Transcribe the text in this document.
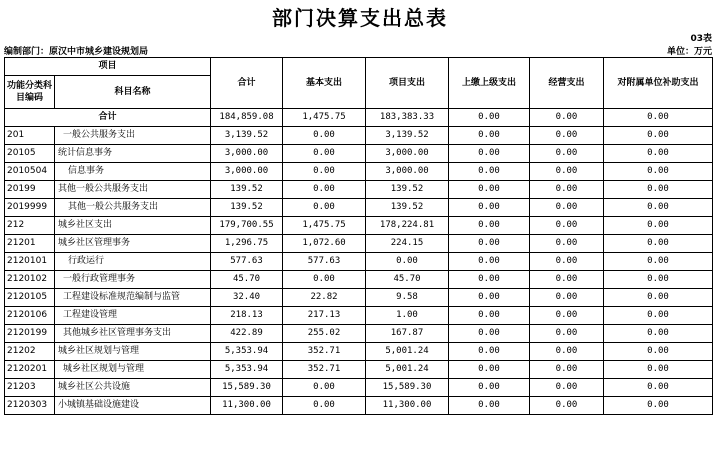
部门决算支出总表
03表
编制部门：原汉中市城乡建设规划局	单位：万元
项目		合计	基本支出	项目支出	上缴上级支出	经营支出	对附属单位补助支出
功能分类科目编码	科目名称						
合计		184,859.08	1,475.75	183,383.33	0.00	0.00	0.00
201	一般公共服务支出	3,139.52	0.00	3,139.52	0.00	0.00	0.00
20105	统计信息事务	3,000.00	0.00	3,000.00	0.00	0.00	0.00
2010504	信息事务	3,000.00	0.00	3,000.00	0.00	0.00	0.00
20199	其他一般公共服务支出	139.52	0.00	139.52	0.00	0.00	0.00
2019999	其他一般公共服务支出	139.52	0.00	139.52	0.00	0.00	0.00
212	城乡社区支出	179,700.55	1,475.75	178,224.81	0.00	0.00	0.00
21201	城乡社区管理事务	1,296.75	1,072.60	224.15	0.00	0.00	0.00
2120101	行政运行	577.63	577.63	0.00	0.00	0.00	0.00
2120102	一般行政管理事务	45.70	0.00	45.70	0.00	0.00	0.00
2120105	工程建设标准规范编制与监管	32.40	22.82	9.58	0.00	0.00	0.00
2120106	工程建设管理	218.13	217.13	1.00	0.00	0.00	0.00
2120199	其他城乡社区管理事务支出	422.89	255.02	167.87	0.00	0.00	0.00
21202	城乡社区规划与管理	5,353.94	352.71	5,001.24	0.00	0.00	0.00
2120201	城乡社区规划与管理	5,353.94	352.71	5,001.24	0.00	0.00	0.00
21203	城乡社区公共设施	15,589.30	0.00	15,589.30	0.00	0.00	0.00
2120303	小城镇基础设施建设	11,300.00	0.00	11,300.00	0.00	0.00	0.00
